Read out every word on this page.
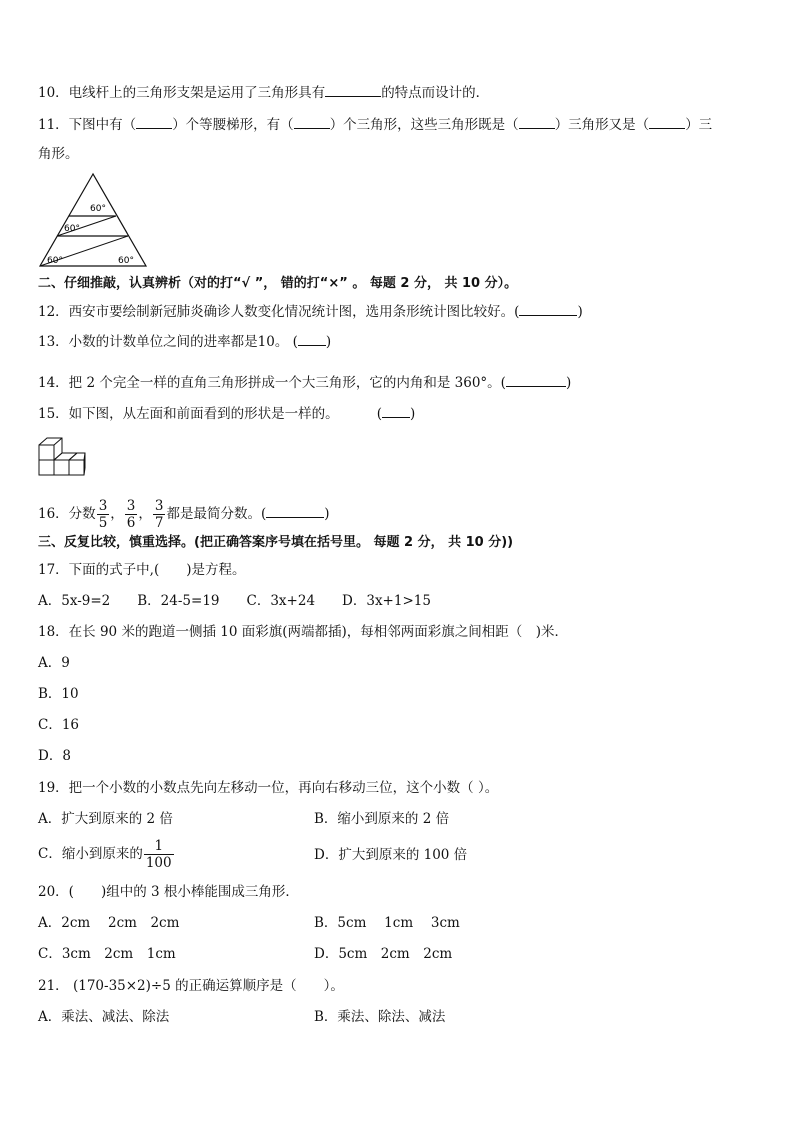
10．电线杆上的三角形支架是运用了三角形具有	的特点而设计的．
11．下图中有（	）个等腰梯形，有（	）个三角形，这些三角形既是（	）三角形又是（	）三
角形。
60°
60°
60°	60°
二、仔细推敲，认真辨析（对的打“√ ”， 错的打“×” 。 每题 2 分， 共 10 分）。
12．西安市要绘制新冠肺炎确诊人数变化情况统计图，选用条形统计图比较好。(	)
13．小数的计数单位之间的进率都是10。 ( )
14．把 2 个完全一样的直角三角形拼成一个大三角形，它的内角和是 360°。(	)
15．如下图，从左面和前面看到的形状是一样的。	( )
16．分数 $\frac{3}{5}$ ， $\frac{3}{6}$ ， $\frac{3}{7}$ 都是最简分数。(	)
三、反复比较，慎重选择。(把正确答案序号填在括号里。 每题 2 分， 共 10 分))
17．下面的式子中,(　　)是方程。
A．5x-9=2　　B．24-5=19　　C．3x+24　　D．3x+1>15
18．在长 90 米的跑道一侧插 10 面彩旗(两端都插)，每相邻两面彩旗之间相距（　)米．
A．9
B．10
C．16
D．8
19．把一个小数的小数点先向左移动一位，再向右移动三位，这个小数（ ）。
A．扩大到原来的 2 倍	B．缩小到原来的 2 倍
C．缩小到原来的 $\frac{1}{100}$	D．扩大到原来的 100 倍
20．(　　)组中的 3 根小棒能围成三角形．
A．2cm　 2cm　2cm	B．5cm　 1cm　 3cm
C．3cm　2cm　1cm	D．5cm　2cm　2cm
21． (170-35×2)÷5 的正确运算顺序是（　　）。
A．乘法、减法、除法	B．乘法、除法、减法
